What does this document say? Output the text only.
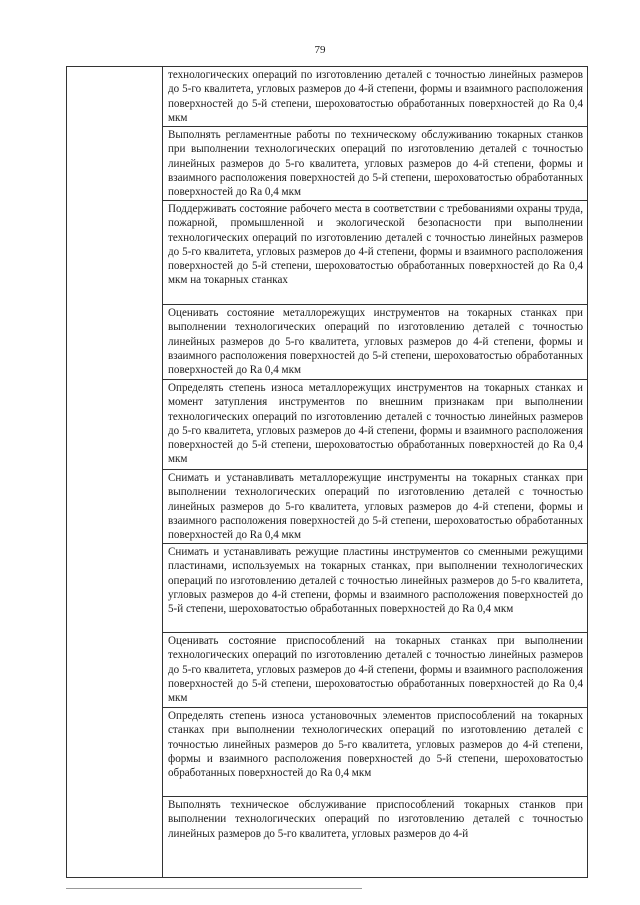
79
технологических операций по изготовлению деталей с точностью линейных размеров до 5-го квалитета, угловых размеров до 4-й степени, формы и взаимного расположения поверхностей до 5-й степени, шероховатостью обработанных поверхностей до Ra 0,4 мкм
Выполнять регламентные работы по техническому обслуживанию токарных станков при выполнении технологических операций по изготовлению деталей с точностью линейных размеров до 5-го квалитета, угловых размеров до 4-й степени, формы и взаимного расположения поверхностей до 5-й степени, шероховатостью обработанных поверхностей до Ra 0,4 мкм
Поддерживать состояние рабочего места в соответствии с требованиями охраны труда, пожарной, промышленной и экологической безопасности при выполнении технологических операций по изготовлению деталей с точностью линейных размеров до 5-го квалитета, угловых размеров до 4-й степени, формы и взаимного расположения поверхностей до 5-й степени, шероховатостью обработанных поверхностей до Ra 0,4 мкм на токарных станках
Оценивать состояние металлорежущих инструментов на токарных станках при выполнении технологических операций по изготовлению деталей с точностью линейных размеров до 5-го квалитета, угловых размеров до 4-й степени, формы и взаимного расположения поверхностей до 5-й степени, шероховатостью обработанных поверхностей до Ra 0,4 мкм
Определять степень износа металлорежущих инструментов на токарных станках и момент затупления инструментов по внешним признакам при выполнении технологических операций по изготовлению деталей с точностью линейных размеров до 5-го квалитета, угловых размеров до 4-й степени, формы и взаимного расположения поверхностей до 5-й степени, шероховатостью обработанных поверхностей до Ra 0,4 мкм
Снимать и устанавливать металлорежущие инструменты на токарных станках при выполнении технологических операций по изготовлению деталей с точностью линейных размеров до 5-го квалитета, угловых размеров до 4-й степени, формы и взаимного расположения поверхностей до 5-й степени, шероховатостью обработанных поверхностей до Ra 0,4 мкм
Снимать и устанавливать режущие пластины инструментов со сменными режущими пластинами, используемых на токарных станках, при выполнении технологических операций по изготовлению деталей с точностью линейных размеров до 5-го квалитета, угловых размеров до 4-й степени, формы и взаимного расположения поверхностей до 5-й степени, шероховатостью обработанных поверхностей до Ra 0,4 мкм
Оценивать состояние приспособлений на токарных станках при выполнении технологических операций по изготовлению деталей с точностью линейных размеров до 5-го квалитета, угловых размеров до 4-й степени, формы и взаимного расположения поверхностей до 5-й степени, шероховатостью обработанных поверхностей до Ra 0,4 мкм
Определять степень износа установочных элементов приспособлений на токарных станках при выполнении технологических операций по изготовлению деталей с точностью линейных размеров до 5-го квалитета, угловых размеров до 4-й степени, формы и взаимного расположения поверхностей до 5-й степени, шероховатостью обработанных поверхностей до Ra 0,4 мкм
Выполнять техническое обслуживание приспособлений токарных станков при выполнении технологических операций по изготовлению деталей с точностью линейных размеров до 5-го квалитета, угловых размеров до 4-й
